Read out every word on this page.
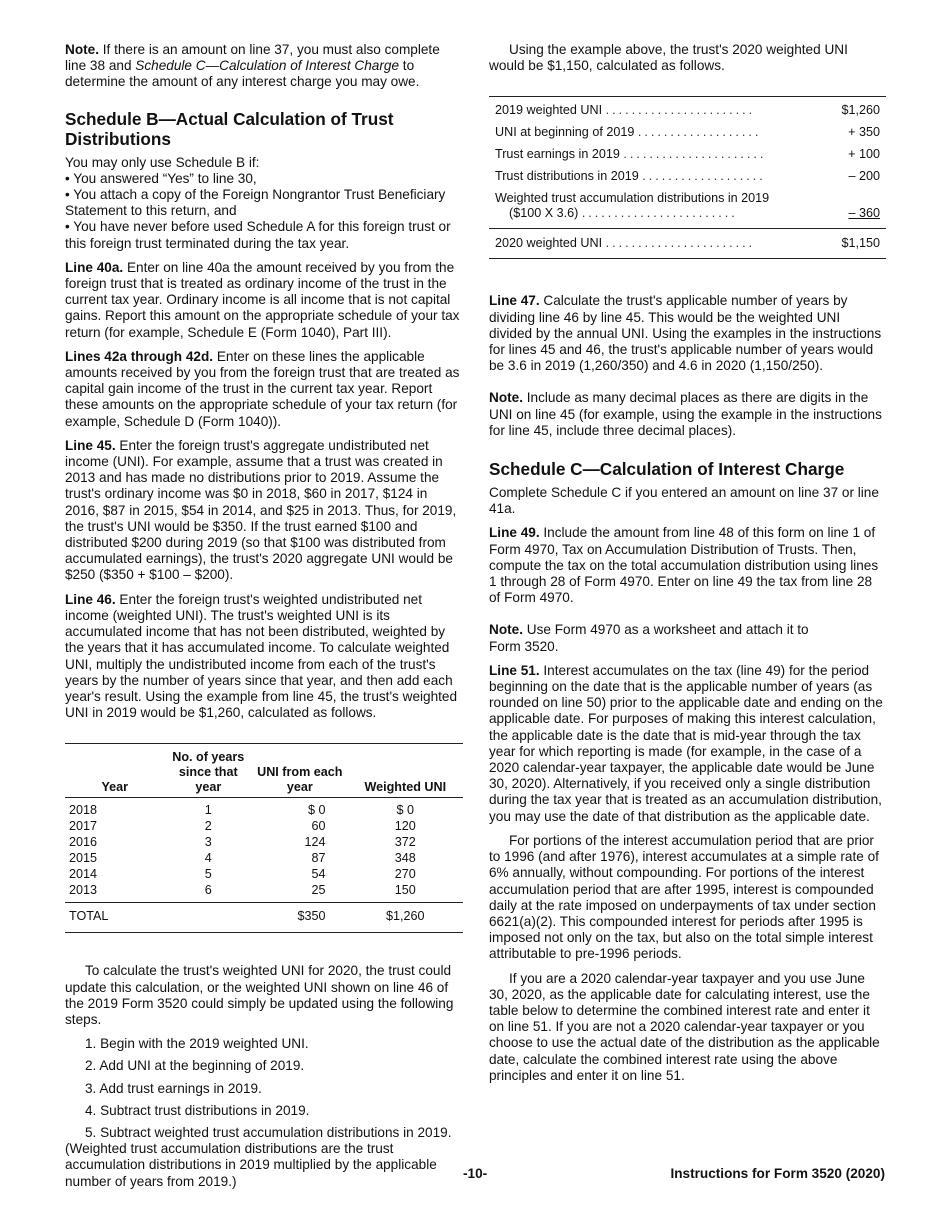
Note. If there is an amount on line 37, you must also complete line 38 and Schedule C—Calculation of Interest Charge to determine the amount of any interest charge you may owe.

Schedule B—Actual Calculation of Trust Distributions

You may only use Schedule B if:

• You answered “Yes” to line 30,

• You attach a copy of the Foreign Nongrantor Trust Beneficiary Statement to this return, and

• You have never before used Schedule A for this foreign trust or this foreign trust terminated during the tax year.

Line 40a. Enter on line 40a the amount received by you from the foreign trust that is treated as ordinary income of the trust in the current tax year. Ordinary income is all income that is not capital gains. Report this amount on the appropriate schedule of your tax return (for example, Schedule E (Form 1040), Part III).

Lines 42a through 42d. Enter on these lines the applicable amounts received by you from the foreign trust that are treated as capital gain income of the trust in the current tax year. Report these amounts on the appropriate schedule of your tax return (for example, Schedule D (Form 1040)).

Line 45. Enter the foreign trust's aggregate undistributed net income (UNI). For example, assume that a trust was created in 2013 and has made no distributions prior to 2019. Assume the trust's ordinary income was $0 in 2018, $60 in 2017, $124 in 2016, $87 in 2015, $54 in 2014, and $25 in 2013. Thus, for 2019, the trust's UNI would be $350. If the trust earned $100 and distributed $200 during 2019 (so that $100 was distributed from accumulated earnings), the trust's 2020 aggregate UNI would be $250 ($350 + $100 – $200).

Line 46. Enter the foreign trust's weighted undistributed net income (weighted UNI). The trust's weighted UNI is its accumulated income that has not been distributed, weighted by the years that it has accumulated income. To calculate weighted UNI, multiply the undistributed income from each of the trust's years by the number of years since that year, and then add each year's result. Using the example from line 45, the trust's weighted UNI in 2019 would be $1,260, calculated as follows.

Year	No. of years since that year	UNI from each year	Weighted UNI
2018	1	$ 0	$ 0
2017	2	60	120
2016	3	124	372
2015	4	87	348
2014	5	54	270
2013	6	25	150
TOTAL		$350	$1,260

To calculate the trust's weighted UNI for 2020, the trust could update this calculation, or the weighted UNI shown on line 46 of the 2019 Form 3520 could simply be updated using the following steps.

1. Begin with the 2019 weighted UNI.
2. Add UNI at the beginning of 2019.
3. Add trust earnings in 2019.
4. Subtract trust distributions in 2019.
5. Subtract weighted trust accumulation distributions in 2019. (Weighted trust accumulation distributions are the trust accumulation distributions in 2019 multiplied by the applicable number of years from 2019.)

Using the example above, the trust's 2020 weighted UNI would be $1,150, calculated as follows.

2019 weighted UNI .......................	$1,260
UNI at beginning of 2019 ...................	+ 350
Trust earnings in 2019 ......................	+ 100
Trust distributions in 2019 ...................	– 200
Weighted trust accumulation distributions in 2019
($100 X 3.6) ........................	– 360
2020 weighted UNI .......................	$1,150

Line 47. Calculate the trust's applicable number of years by dividing line 46 by line 45. This would be the weighted UNI divided by the annual UNI. Using the examples in the instructions for lines 45 and 46, the trust's applicable number of years would be 3.6 in 2019 (1,260/350) and 4.6 in 2020 (1,150/250).

Note. Include as many decimal places as there are digits in the UNI on line 45 (for example, using the example in the instructions for line 45, include three decimal places).

Schedule C—Calculation of Interest Charge

Complete Schedule C if you entered an amount on line 37 or line 41a.

Line 49. Include the amount from line 48 of this form on line 1 of Form 4970, Tax on Accumulation Distribution of Trusts. Then, compute the tax on the total accumulation distribution using lines 1 through 28 of Form 4970. Enter on line 49 the tax from line 28 of Form 4970.

Note. Use Form 4970 as a worksheet and attach it to Form 3520.

Line 51. Interest accumulates on the tax (line 49) for the period beginning on the date that is the applicable number of years (as rounded on line 50) prior to the applicable date and ending on the applicable date. For purposes of making this interest calculation, the applicable date is the date that is mid-year through the tax year for which reporting is made (for example, in the case of a 2020 calendar-year taxpayer, the applicable date would be June 30, 2020). Alternatively, if you received only a single distribution during the tax year that is treated as an accumulation distribution, you may use the date of that distribution as the applicable date.

For portions of the interest accumulation period that are prior to 1996 (and after 1976), interest accumulates at a simple rate of 6% annually, without compounding. For portions of the interest accumulation period that are after 1995, interest is compounded daily at the rate imposed on underpayments of tax under section 6621(a)(2). This compounded interest for periods after 1995 is imposed not only on the tax, but also on the total simple interest attributable to pre-1996 periods.

If you are a 2020 calendar-year taxpayer and you use June 30, 2020, as the applicable date for calculating interest, use the table below to determine the combined interest rate and enter it on line 51. If you are not a 2020 calendar-year taxpayer or you choose to use the actual date of the distribution as the applicable date, calculate the combined interest rate using the above principles and enter it on line 51.

-10-	Instructions for Form 3520 (2020)
